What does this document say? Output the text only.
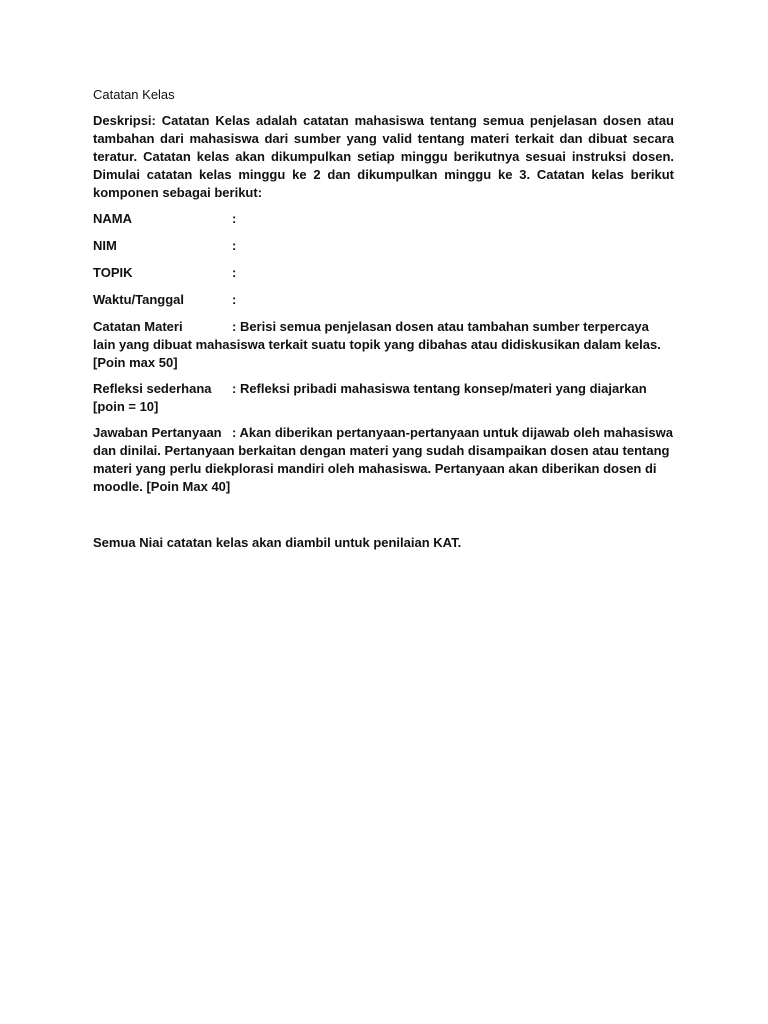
Catatan Kelas

Deskripsi: Catatan Kelas adalah catatan mahasiswa tentang semua penjelasan dosen atau tambahan dari mahasiswa dari sumber yang valid tentang materi terkait dan dibuat secara teratur. Catatan kelas akan dikumpulkan setiap minggu berikutnya sesuai instruksi dosen. Dimulai catatan kelas minggu ke 2 dan dikumpulkan minggu ke 3. Catatan kelas berikut komponen sebagai berikut:

NAMA	:
NIM	:
TOPIK	:
Waktu/Tanggal	:
Catatan Materi	: Berisi semua penjelasan dosen atau tambahan sumber terpercaya lain yang dibuat mahasiswa terkait suatu topik yang dibahas atau didiskusikan dalam kelas. [Poin max 50]
Refleksi sederhana : Refleksi pribadi mahasiswa tentang konsep/materi yang diajarkan [poin = 10]
Jawaban Pertanyaan : Akan diberikan pertanyaan-pertanyaan untuk dijawab oleh mahasiswa dan dinilai. Pertanyaan berkaitan dengan materi yang sudah disampaikan dosen atau tentang materi yang perlu diekplorasi mandiri oleh mahasiswa. Pertanyaan akan diberikan dosen di moodle. [Poin Max 40]

Semua Niai catatan kelas akan diambil untuk penilaian KAT.
